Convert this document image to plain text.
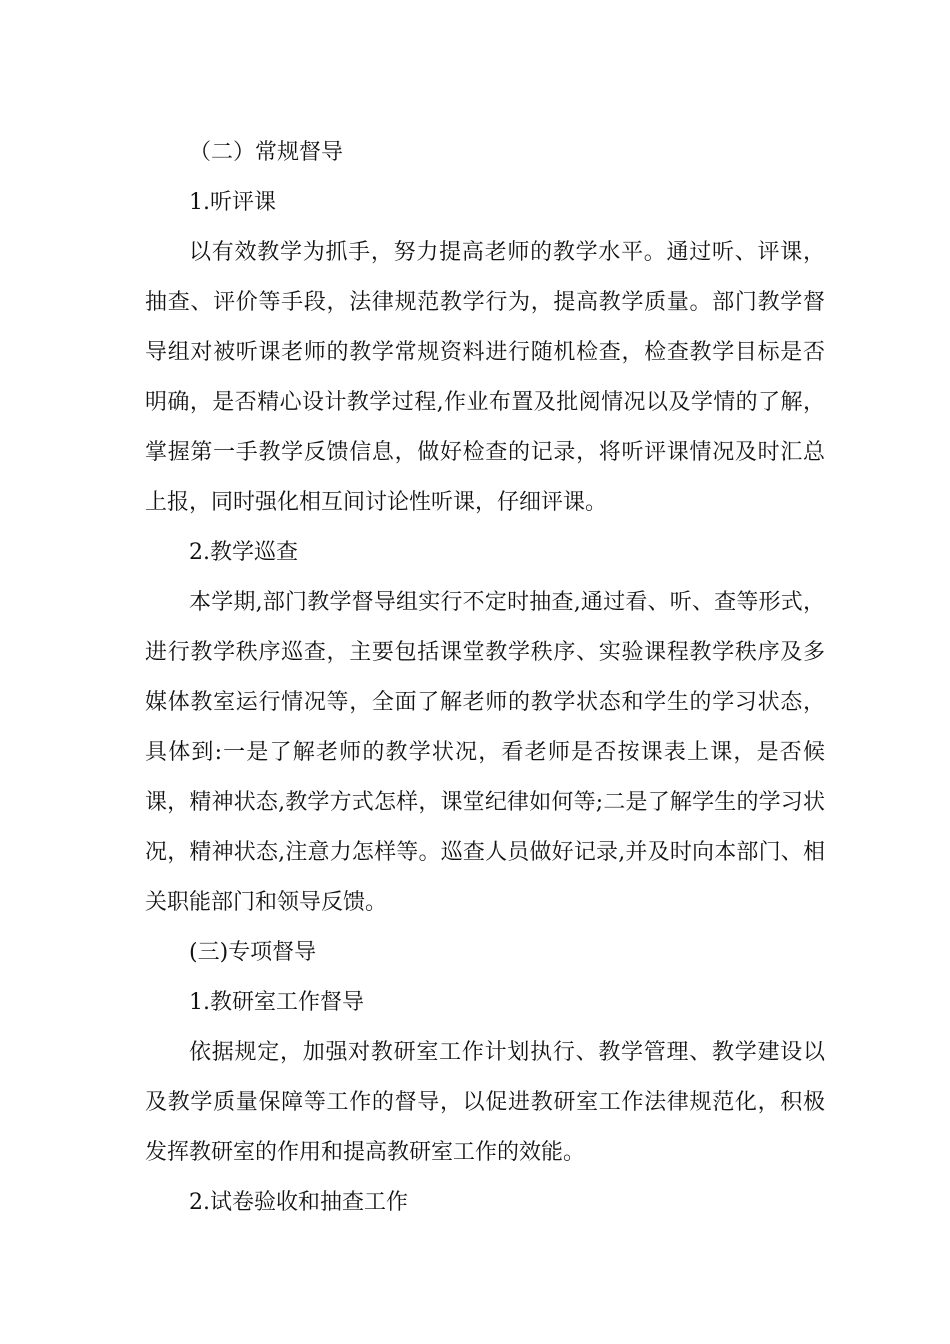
（二）常规督导
1.听评课

以有效教学为抓手，努力提高老师的教学水平。通过听、评课，抽查、评价等手段，法律规范教学行为，提高教学质量。部门教学督导组对被听课老师的教学常规资料进行随机检查，检查教学目标是否明确，是否精心设计教学过程,作业布置及批阅情况以及学情的了解，掌握第一手教学反馈信息，做好检查的记录，将听评课情况及时汇总上报，同时强化相互间讨论性听课，仔细评课。

2.教学巡查

本学期,部门教学督导组实行不定时抽查,通过看、听、查等形式，进行教学秩序巡查，主要包括课堂教学秩序、实验课程教学秩序及多媒体教室运行情况等，全面了解老师的教学状态和学生的学习状态，具体到:一是了解老师的教学状况，看老师是否按课表上课，是否候课，精神状态,教学方式怎样，课堂纪律如何等;二是了解学生的学习状况，精神状态,注意力怎样等。巡查人员做好记录,并及时向本部门、相关职能部门和领导反馈。

(三)专项督导
1.教研室工作督导

依据规定，加强对教研室工作计划执行、教学管理、教学建设以及教学质量保障等工作的督导，以促进教研室工作法律规范化，积极发挥教研室的作用和提高教研室工作的效能。

2.试卷验收和抽查工作
